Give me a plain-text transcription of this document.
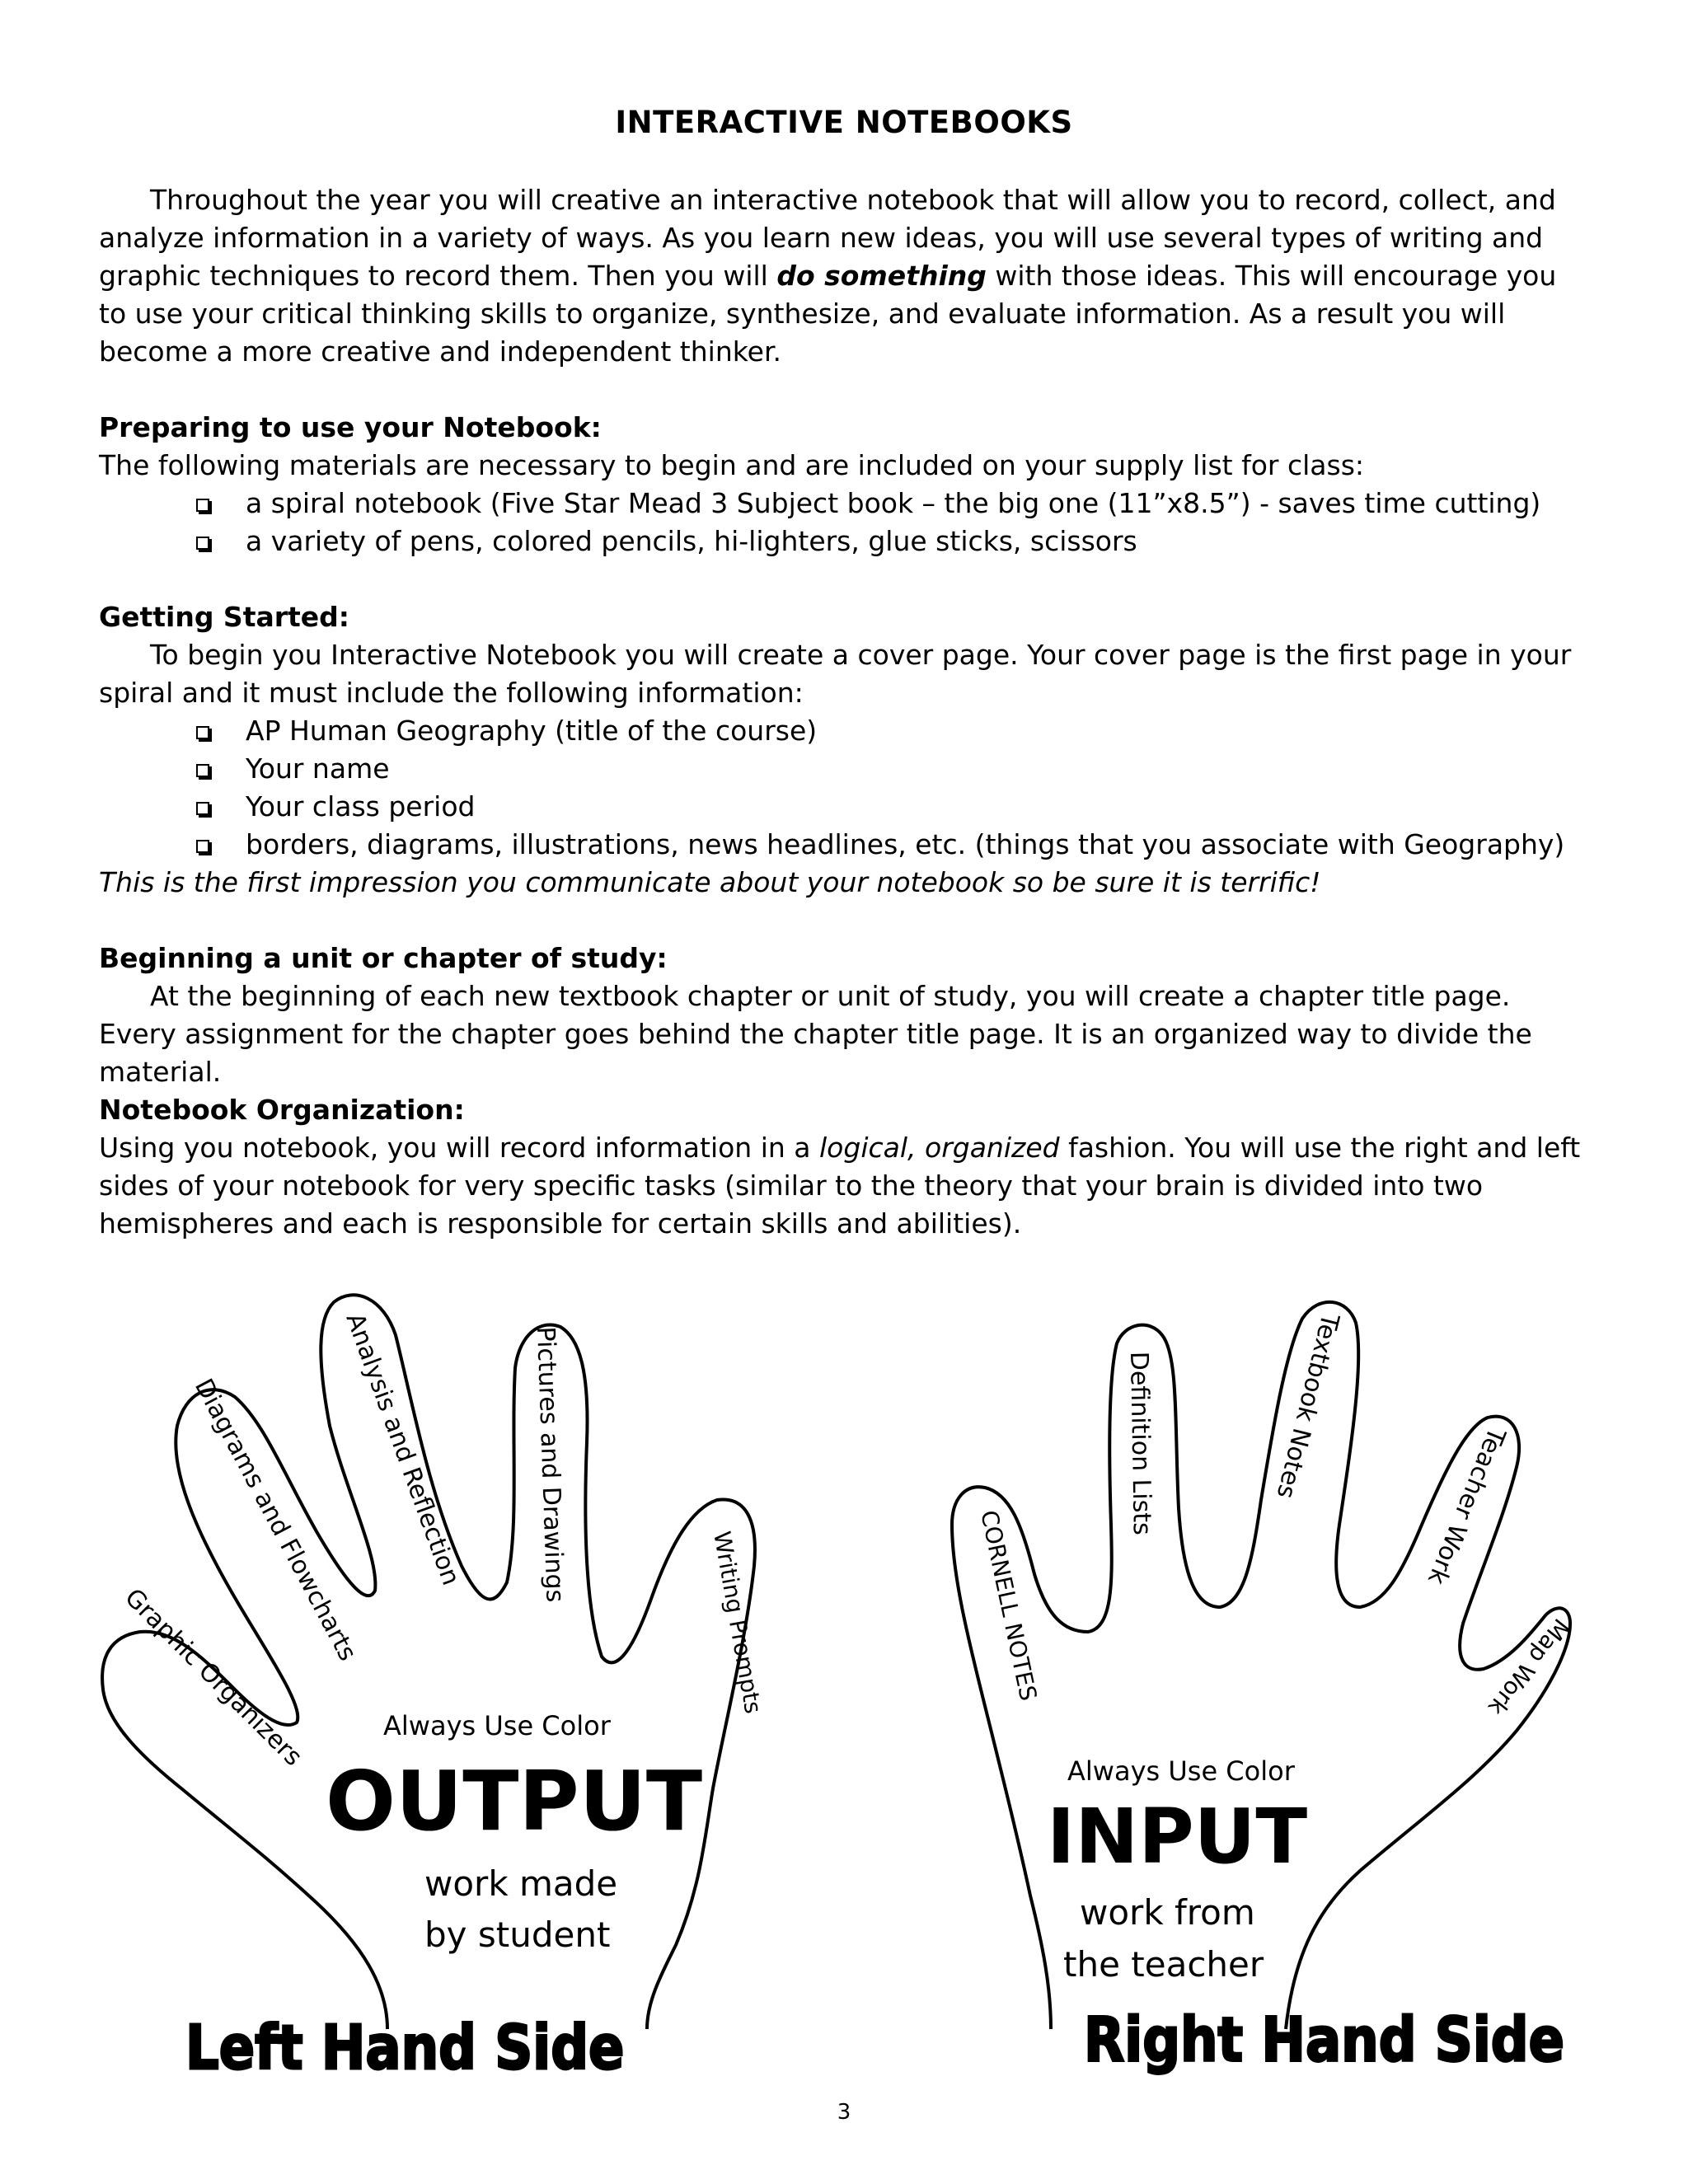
INTERACTIVE NOTEBOOKS

Throughout the year you will creative an interactive notebook that will allow you to record, collect, and analyze information in a variety of ways. As you learn new ideas, you will use several types of writing and graphic techniques to record them. Then you will do something with those ideas. This will encourage you to use your critical thinking skills to organize, synthesize, and evaluate information. As a result you will become a more creative and independent thinker.

Preparing to use your Notebook:

The following materials are necessary to begin and are included on your supply list for class:

a spiral notebook (Five Star Mead 3 Subject book – the big one (11”x8.5”) - saves time cutting)
a variety of pens, colored pencils, hi-lighters, glue sticks, scissors

Getting Started:

To begin you Interactive Notebook you will create a cover page. Your cover page is the first page in your spiral and it must include the following information:

AP Human Geography (title of the course)
Your name
Your class period
borders, diagrams, illustrations, news headlines, etc. (things that you associate with Geography)

This is the first impression you communicate about your notebook so be sure it is terrific!

Beginning a unit or chapter of study:

At the beginning of each new textbook chapter or unit of study, you will create a chapter title page. Every assignment for the chapter goes behind the chapter title page. It is an organized way to divide the material.

Notebook Organization:

Using you notebook, you will record information in a logical, organized fashion. You will use the right and left sides of your notebook for very specific tasks (similar to the theory that your brain is divided into two hemispheres and each is responsible for certain skills and abilities).

Graphic Organizers
Diagrams and Flowcharts
Analysis and Reflection	Pictures and Drawings
Writing Prompts
Always Use Color
OUTPUT
work made
by student
Left Hand Side
CORNELL NOTES
Definition Lists	Textbook Notes
Teacher Work
Map Work
Always Use Color
INPUT
work from
the teacher
Right Hand Side
3
